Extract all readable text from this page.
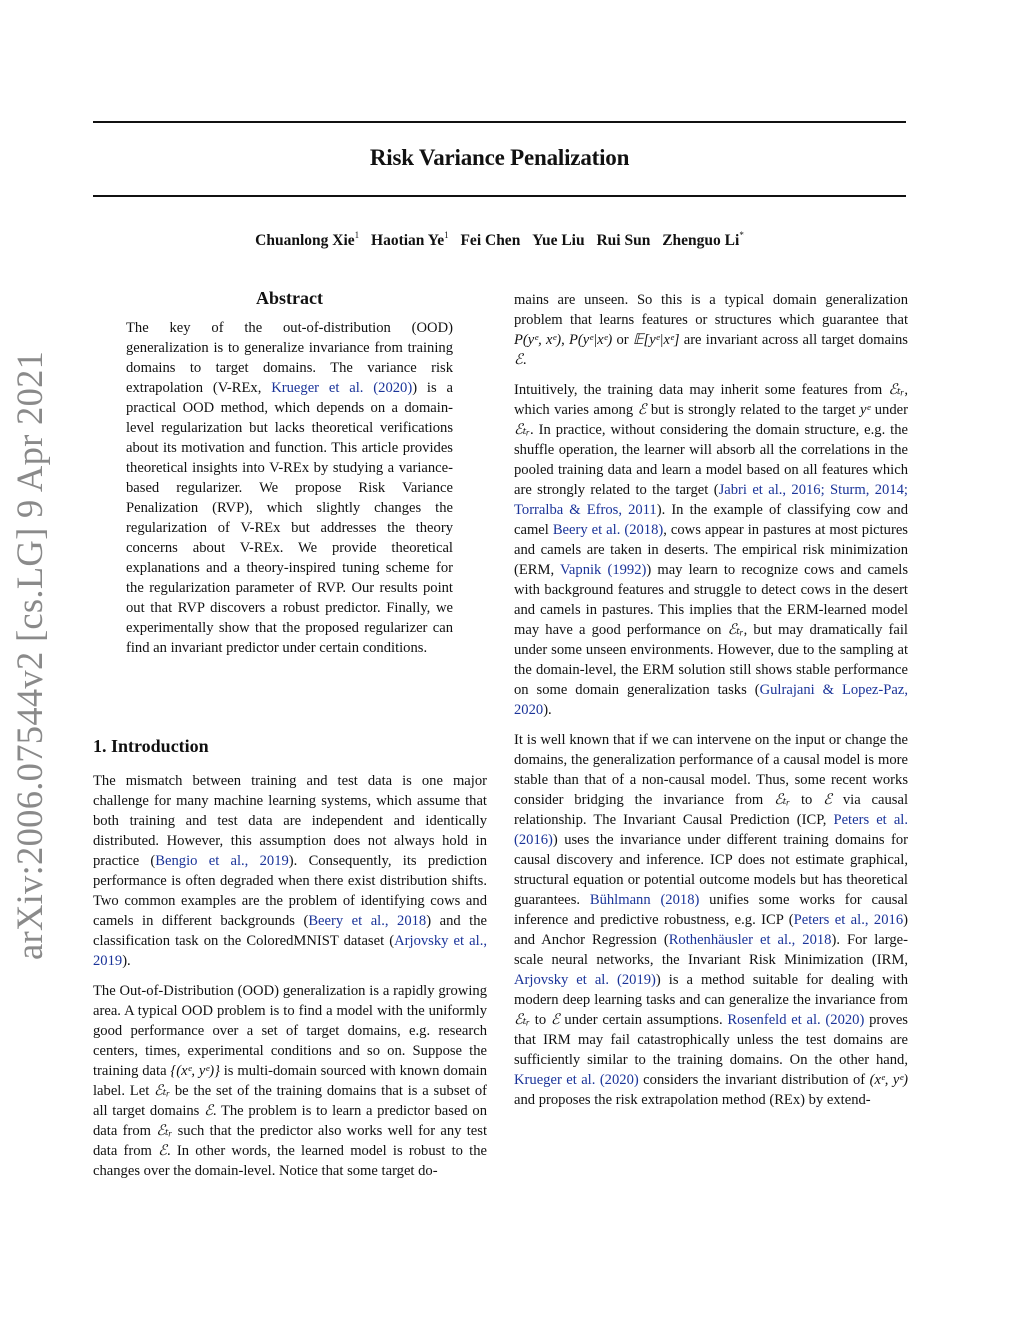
Risk Variance Penalization
Chuanlong Xie$^1$ Haotian Ye$^1$ Fei Chen Yue Liu Rui Sun Zhenguo Li*
arXiv:2006.07544v2 [cs.LG] 9 Apr 2021
Abstract
The key of the out-of-distribution (OOD) generalization is to generalize invariance from training domains to target domains. The variance risk extrapolation (V-REx, Krueger et al. (2020)) is a practical OOD method, which depends on a domain-level regularization but lacks theoretical verifications about its motivation and function. This article provides theoretical insights into V-REx by studying a variance-based regularizer. We propose Risk Variance Penalization (RVP), which slightly changes the regularization of V-REx but addresses the theory concerns about V-REx. We provide theoretical explanations and a theory-inspired tuning scheme for the regularization parameter of RVP. Our results point out that RVP discovers a robust predictor. Finally, we experimentally show that the proposed regularizer can find an invariant predictor under certain conditions.
1. Introduction

The mismatch between training and test data is one major challenge for many machine learning systems, which assume that both training and test data are independent and identically distributed. However, this assumption does not always hold in practice (Bengio et al., 2019). Consequently, its prediction performance is often degraded when there exist distribution shifts. Two common examples are the problem of identifying cows and camels in different backgrounds (Beery et al., 2018) and the classification task on the ColoredMNIST dataset (Arjovsky et al., 2019).

The Out-of-Distribution (OOD) generalization is a rapidly growing area. A typical OOD problem is to find a model with the uniformly good performance over a set of target domains, e.g. research centers, times, experimental conditions and so on. Suppose the training data {(xᵉ, yᵉ)} is multi-domain sourced with known domain label. Let ℰₜᵣ be the set of the training domains that is a subset of all target domains ℰ. The problem is to learn a predictor based on data from ℰₜᵣ such that the predictor also works well for any test data from ℰ. In other words, the learned model is robust to the changes over the domain-level. Notice that some target do-

mains are unseen. So this is a typical domain generalization problem that learns features or structures which guarantee that P(yᵉ, xᵉ), P(yᵉ|xᵉ) or 𝔼[yᵉ|xᵉ] are invariant across all target domains ℰ.

Intuitively, the training data may inherit some features from ℰₜᵣ, which varies among ℰ but is strongly related to the target yᵉ under ℰₜᵣ. In practice, without considering the domain structure, e.g. the shuffle operation, the learner will absorb all the correlations in the pooled training data and learn a model based on all features which are strongly related to the target (Jabri et al., 2016; Sturm, 2014; Torralba & Efros, 2011). In the example of classifying cow and camel Beery et al. (2018), cows appear in pastures at most pictures and camels are taken in deserts. The empirical risk minimization (ERM, Vapnik (1992)) may learn to recognize cows and camels with background features and struggle to detect cows in the desert and camels in pastures. This implies that the ERM-learned model may have a good performance on ℰₜᵣ, but may dramatically fail under some unseen environments. However, due to the sampling at the domain-level, the ERM solution still shows stable performance on some domain generalization tasks (Gulrajani & Lopez-Paz, 2020).

It is well known that if we can intervene on the input or change the domains, the generalization performance of a causal model is more stable than that of a non-causal model. Thus, some recent works consider bridging the invariance from ℰₜᵣ to ℰ via causal relationship. The Invariant Causal Prediction (ICP, Peters et al. (2016)) uses the invariance under different training domains for causal discovery and inference. ICP does not estimate graphical, structural equation or potential outcome models but has theoretical guarantees. Bühlmann (2018) unifies some works for causal inference and predictive robustness, e.g. ICP (Peters et al., 2016) and Anchor Regression (Rothenhäusler et al., 2018). For large-scale neural networks, the Invariant Risk Minimization (IRM, Arjovsky et al. (2019)) is a method suitable for dealing with modern deep learning tasks and can generalize the invariance from ℰₜᵣ to ℰ under certain assumptions. Rosenfeld et al. (2020) proves that IRM may fail catastrophically unless the test domains are sufficiently similar to the training domains. On the other hand, Krueger et al. (2020) considers the invariant distribution of (xᵉ, yᵉ) and proposes the risk extrapolation method (REx) by extend-
